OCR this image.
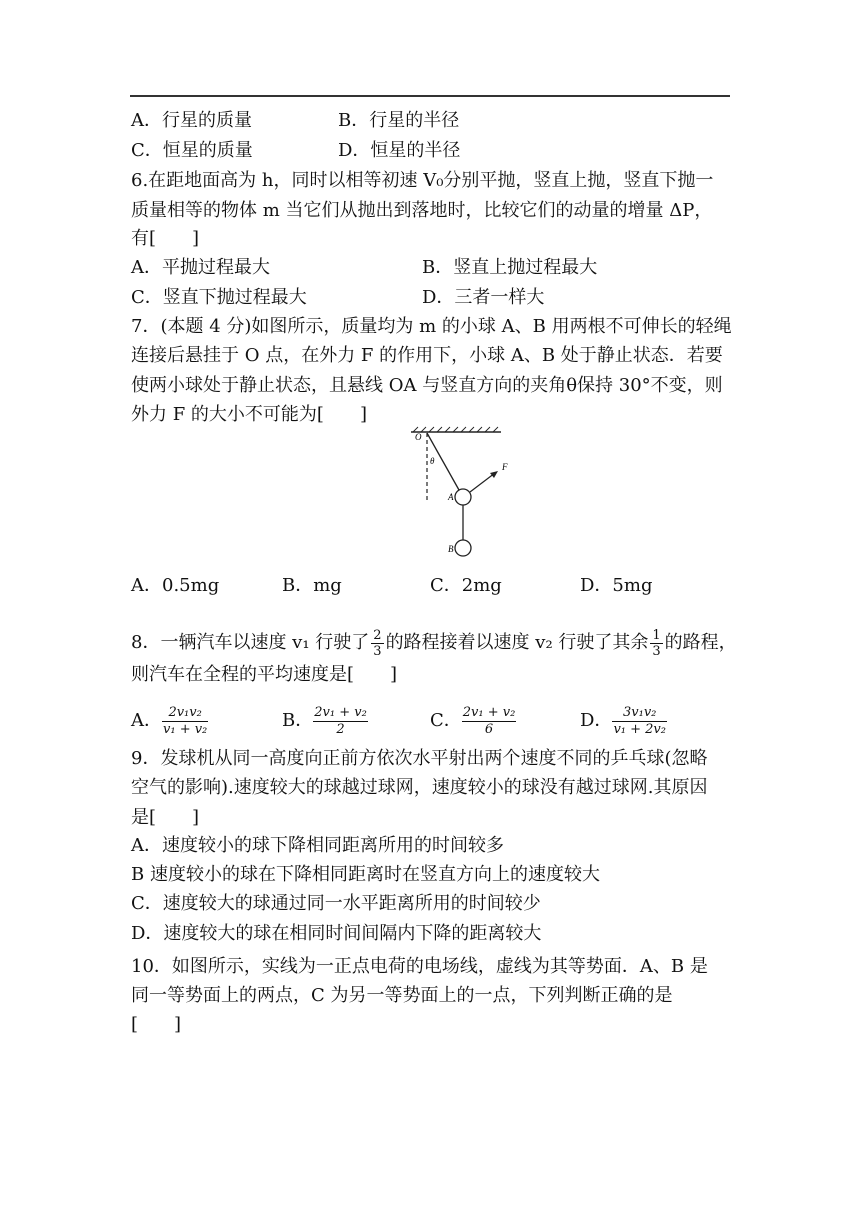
A．行星的质量	B．行星的半径
C．恒星的质量	D．恒星的半径
6.在距地面高为 h，同时以相等初速 V₀分别平抛，竖直上抛，竖直下抛一
质量相等的物体 m 当它们从抛出到落地时，比较它们的动量的增量 ΔP，
有[　　]
A．平抛过程最大	B．竖直上抛过程最大
C．竖直下抛过程最大	D．三者一样大
7．(本题 4 分)如图所示，质量均为 m 的小球 A、B 用两根不可伸长的轻绳
连接后悬挂于 O 点，在外力 F 的作用下，小球 A、B 处于静止状态．若要
使两小球处于静止状态，且悬线 OA 与竖直方向的夹角θ保持 30°不变，则
外力 F 的大小不可能为[　　]
O
θ
F
A
B
A．0.5mg	B．mg	C．2mg	D．5mg
8．一辆汽车以速度 v₁ 行驶了 $\frac{2}{3}$ 的路程接着以速度 v₂ 行驶了其余 $\frac{1}{3}$ 的路程，
则汽车在全程的平均速度是[　　]
A． $\frac{\text{2v₁v₂}}{\text{v₁ + v₂}}$	B． $\frac{\text{2v₁ + v₂}}{2}$	C． $\frac{\text{2v₁ + v₂}}{6}$	D． $\frac{\text{3v₁v₂}}{\text{v₁ + 2v₂}}$
9．发球机从同一高度向正前方依次水平射出两个速度不同的乒乓球(忽略
空气的影响).速度较大的球越过球网，速度较小的球没有越过球网.其原因
是[　　]
A．速度较小的球下降相同距离所用的时间较多
B 速度较小的球在下降相同距离时在竖直方向上的速度较大
C．速度较大的球通过同一水平距离所用的时间较少
D．速度较大的球在相同时间间隔内下降的距离较大
10．如图所示，实线为一正点电荷的电场线，虚线为其等势面．A、B 是
同一等势面上的两点，C 为另一等势面上的一点，下列判断正确的是
[　　]
